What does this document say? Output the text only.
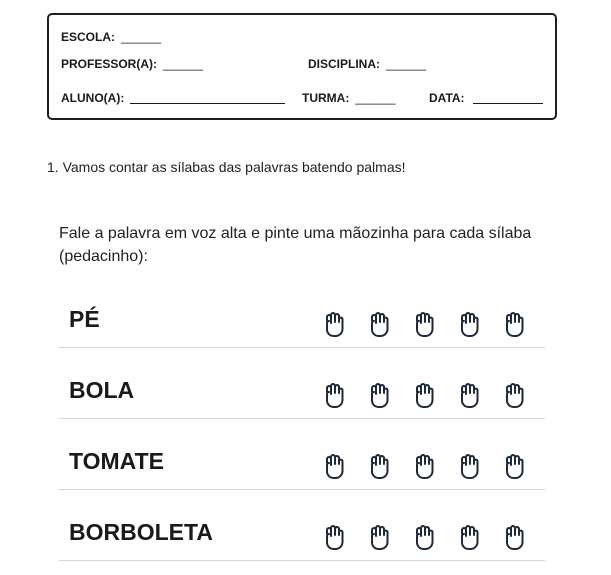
ESCOLA: ______
PROFESSOR(A): ______	DISCIPLINA: ______
ALUNO(A):	TURMA: ______	DATA:
1. Vamos contar as sílabas das palavras batendo palmas!
Fale a palavra em voz alta e pinte uma mãozinha para cada sílaba (pedacinho):
PÉ
BOLA
TOMATE
BORBOLETA
